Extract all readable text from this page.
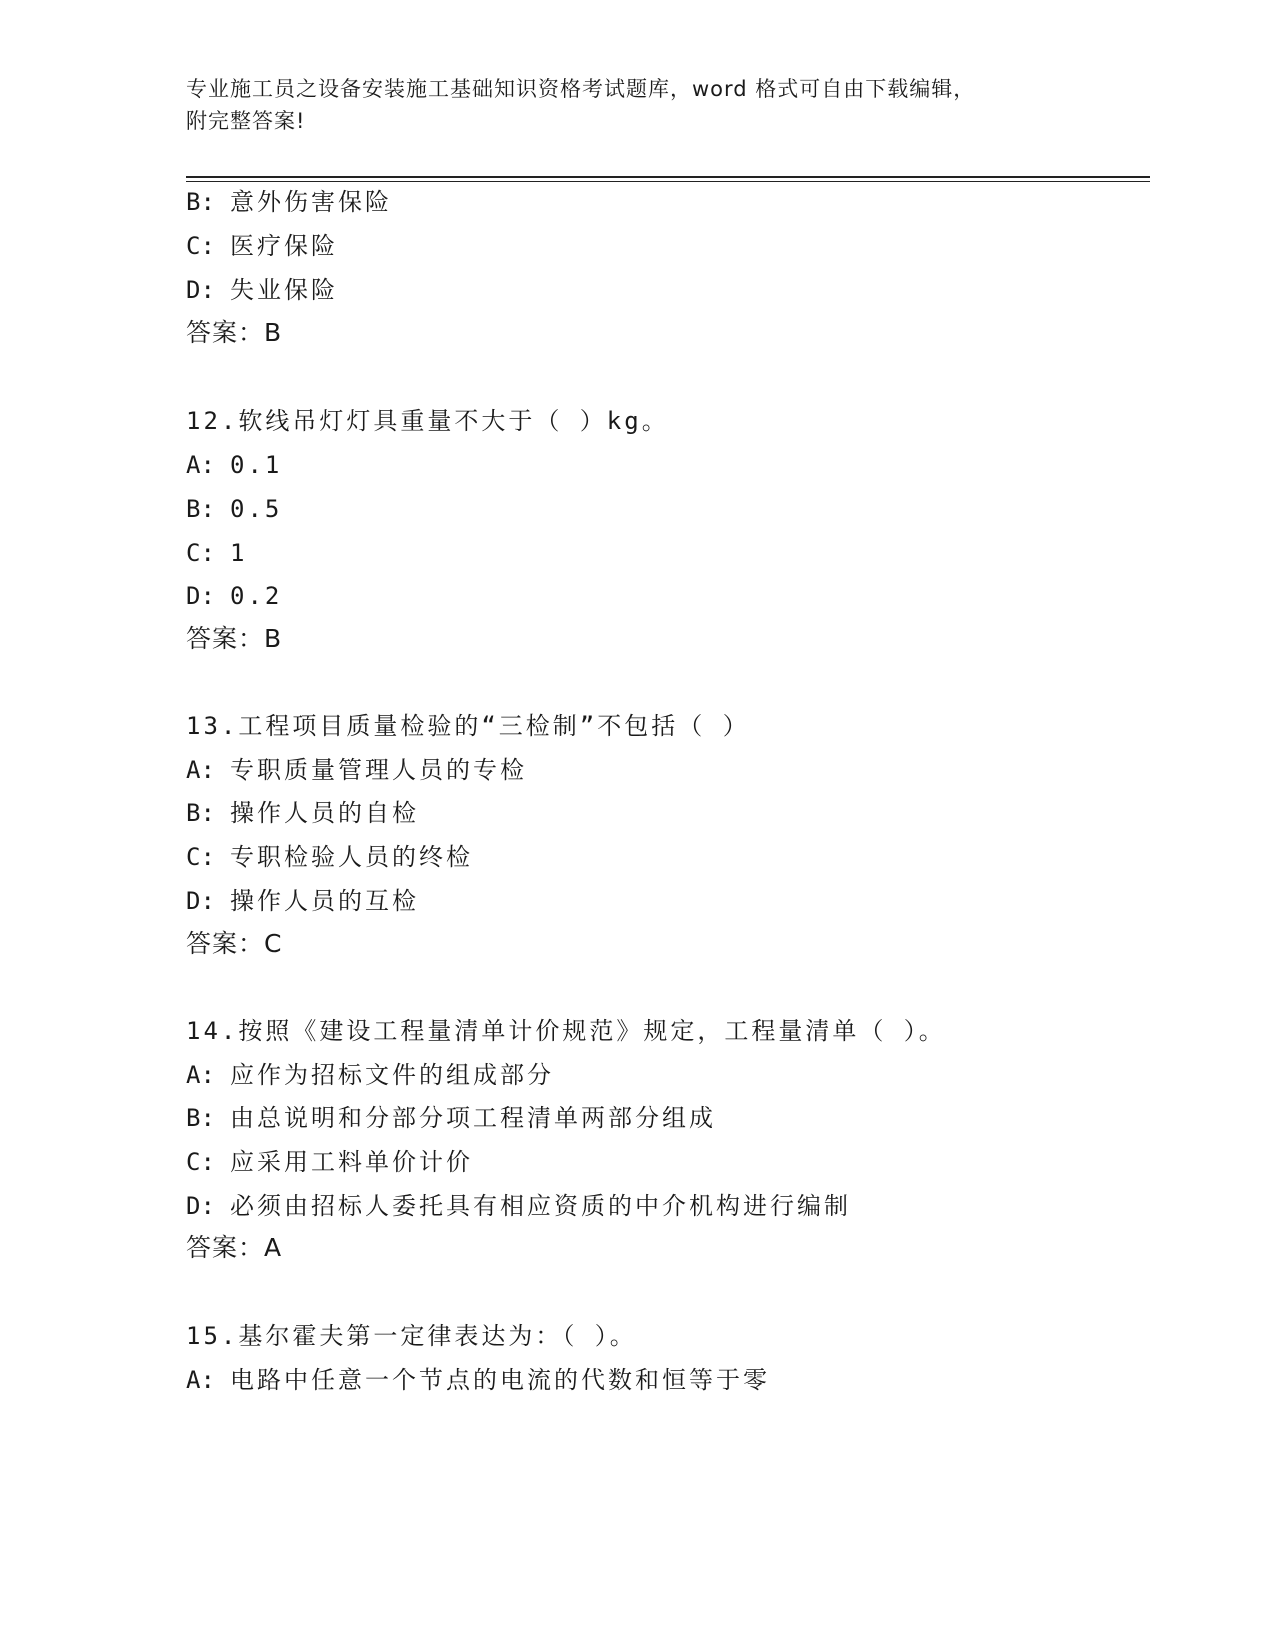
专业施工员之设备安装施工基础知识资格考试题库，word 格式可自由下载编辑，
附完整答案!
B: 意外伤害保险
C: 医疗保险
D: 失业保险
答案：B
12.软线吊灯灯具重量不大于（ ）kg。
A: 0.1
B: 0.5
C: 1
D: 0.2
答案：B
13.工程项目质量检验的“三检制”不包括（ ）
A: 专职质量管理人员的专检
B: 操作人员的自检
C: 专职检验人员的终检
D: 操作人员的互检
答案：C
14.按照《建设工程量清单计价规范》规定，工程量清单（ ）。
A: 应作为招标文件的组成部分
B: 由总说明和分部分项工程清单两部分组成
C: 应采用工料单价计价
D: 必须由招标人委托具有相应资质的中介机构进行编制
答案：A
15.基尔霍夫第一定律表达为：（ ）。
A: 电路中任意一个节点的电流的代数和恒等于零
